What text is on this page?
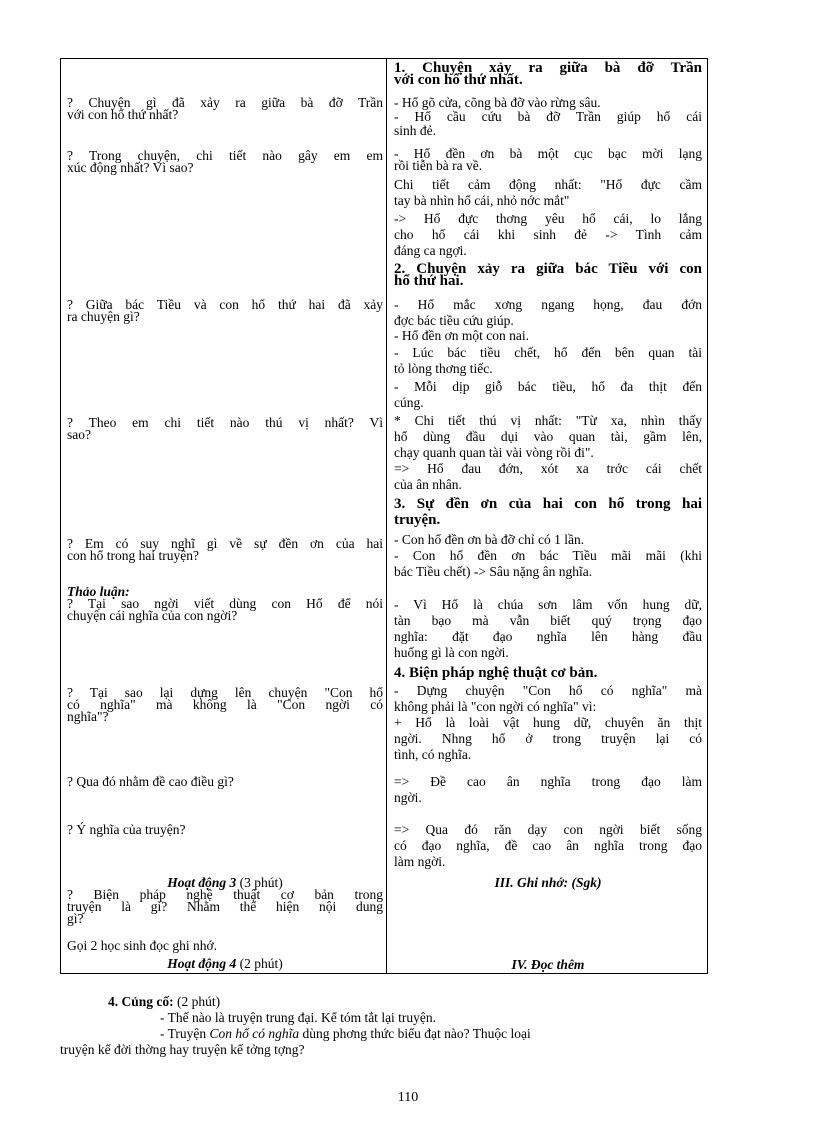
? Chuyện gì đã xảy ra giữa bà đỡ Trần
với con hổ thứ nhất?
? Trong chuyện, chi tiết nào gây em em
xúc động nhất? Vì sao?
? Giữa bác Tiều và con hổ thứ hai đã xảy
ra chuyện gì?
? Theo em chi tiết nào thú vị nhất? Vì
sao?
? Em có suy nghĩ gì về sự đền ơn của hai
con hổ trong hai truyện?
Thảo luận:
? Tại sao ngời viết dùng con Hổ để nói
chuyện cái nghĩa của con ngời?
? Tại sao lại dựng lên chuyện "Con hổ
có nghĩa" mà không là "Con ngời có
nghĩa"?
? Qua đó nhằm đề cao điều gì?
? Ý nghĩa của truyện?
Hoạt động 3 (3 phút)
? Biện pháp nghệ thuật cơ bản trong
truyện là gì? Nhằm thể hiện nội dung
gì?
Gọi 2 học sinh đọc ghi nhớ.
Hoạt động 4 (2 phút)
1. Chuyện xảy ra giữa bà đỡ Trần
với con hổ thứ nhất.
- Hổ gõ cửa, cõng bà đỡ vào rừng sâu.
- Hổ cầu cứu bà đỡ Trần giúp hổ cái
sinh đẻ.
- Hổ đền ơn bà một cục bạc mời lạng
rồi tiễn bà ra về.
Chi tiết cảm động nhất: "Hổ đực cầm
tay bà nhìn hổ cái, nhỏ nớc mắt"
-> Hổ đực thơng yêu hổ cái, lo lắng
cho hổ cái khi sinh đẻ -> Tình cảm
đáng ca ngợi.
2. Chuyện xảy ra giữa bác Tiều với con
hổ thứ hai.
- Hổ mắc xơng ngang họng, đau đớn
đợc bác tiều cứu giúp.
- Hổ đền ơn một con nai.
- Lúc bác tiều chết, hổ đến bên quan tài
tỏ lòng thơng tiếc.
- Mỗi dịp giỗ bác tiều, hổ đa thịt đến
cúng.
* Chi tiết thú vị nhất: "Từ xa, nhìn thấy
hổ dùng đầu dụi vào quan tài, gầm lên,
chạy quanh quan tài vài vòng rồi đi".
=> Hổ đau đớn, xót xa trớc cái chết
của ân nhân.
3. Sự đền ơn của hai con hổ trong hai
truyện.
- Con hổ đền ơn bà đỡ chỉ có 1 lần.
- Con hổ đền ơn bác Tiều mãi mãi (khi
bác Tiều chết) -> Sâu nặng ân nghĩa.
- Vì Hổ là chúa sơn lâm vốn hung dữ,
tàn bạo mà vẫn biết quý trọng đạo
nghĩa: đặt đạo nghĩa lên hàng đầu
huống gì là con ngời.
4. Biện pháp nghệ thuật cơ bản.
- Dựng chuyện "Con hổ có nghĩa" mà
không phải là "con ngời có nghĩa" vì:
+ Hổ là loài vật hung dữ, chuyên ăn thịt
ngời. Nhng hổ ở trong truyện lại có
tình, có nghĩa.
=> Đề cao ân nghĩa trong đạo làm
ngời.
=> Qua đó răn dạy con ngời biết sống
có đạo nghĩa, đề cao ân nghĩa trong đạo
làm ngời.
III. Ghi nhớ: (Sgk)
IV. Đọc thêm
4. Củng cố: (2 phút)
- Thế nào là truyện trung đại. Kể tóm tắt lại truyện.
- Truyện Con hổ có nghĩa dùng phơng thức biểu đạt nào? Thuộc loại
truyện kể đời thờng hay truyện kể tởng tợng?
110
